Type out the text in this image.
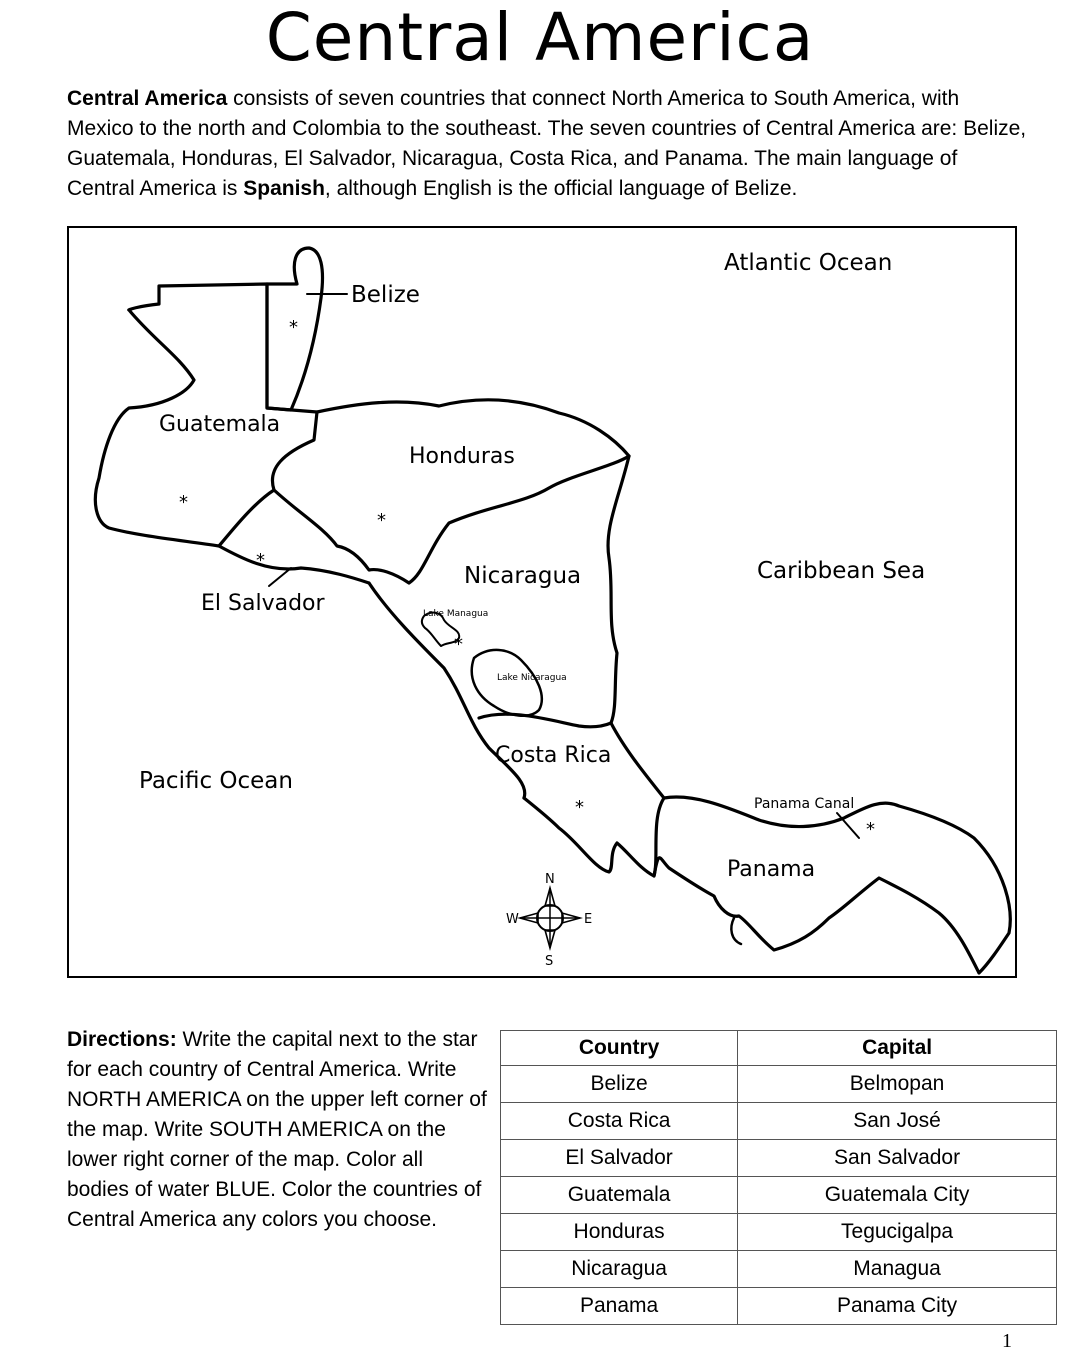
Central America
Central America consists of seven countries that connect North America to South America, with Mexico to the north and Colombia to the southeast. The seven countries of Central America are: Belize, Guatemala, Honduras, El Salvador, Nicaragua, Costa Rica, and Panama. The main language of Central America is Spanish, although English is the official language of Belize.
*
*
*
*
*
*
*
Atlantic Ocean
Belize
Guatemala
Honduras
El Salvador
Nicaragua
Lake Managua
Lake Nicaragua
Caribbean Sea
Costa Rica
Pacific Ocean
Panama Canal
Panama
N
S
E
W
Directions: Write the capital next to the star for each country of Central America. Write NORTH AMERICA on the upper left corner of the map. Write SOUTH AMERICA on the lower right corner of the map. Color all bodies of water BLUE. Color the countries of Central America any colors you choose.
Country	Capital
Belize	Belmopan
Costa Rica	San José
El Salvador	San Salvador
Guatemala	Guatemala City
Honduras	Tegucigalpa
Nicaragua	Managua
Panama	Panama City
1
